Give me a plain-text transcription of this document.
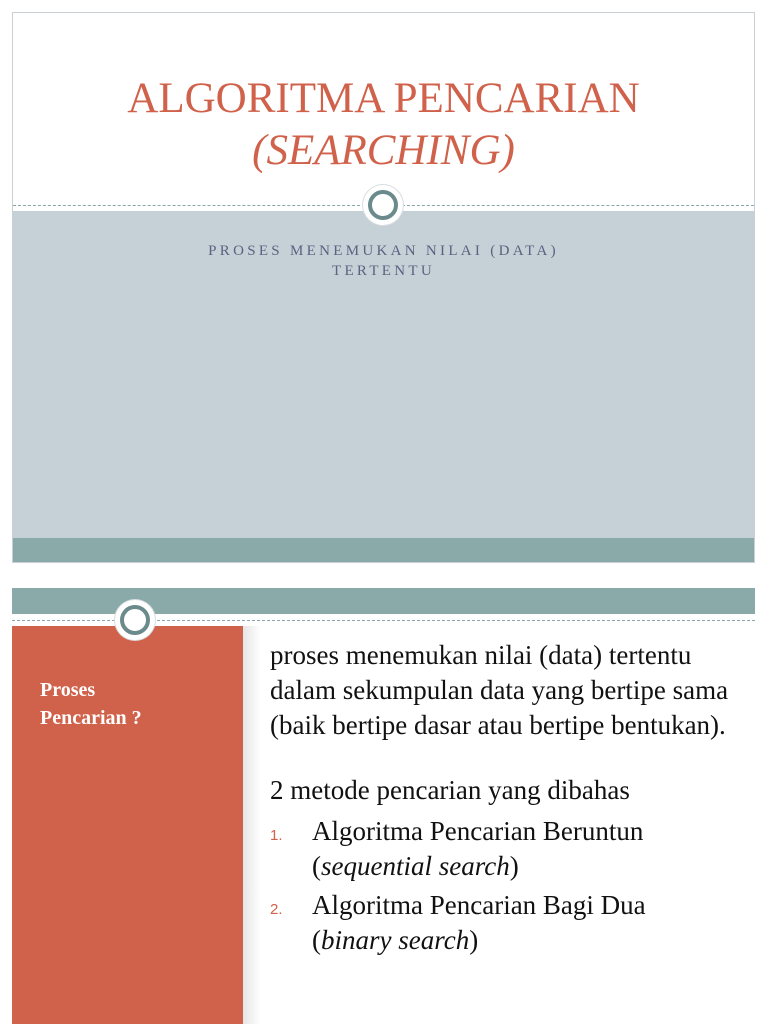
ALGORITMA PENCARIAN
(SEARCHING)
PROSES MENEMUKAN NILAI (DATA)
TERTENTU
Proses
Pencarian ?

proses menemukan nilai (data) tertentu dalam sekumpulan data yang bertipe sama (baik bertipe dasar atau bertipe bentukan).

2 metode pencarian yang dibahas

1. Algoritma Pencarian Beruntun
(sequential search)
2. Algoritma Pencarian Bagi Dua
(binary search)
